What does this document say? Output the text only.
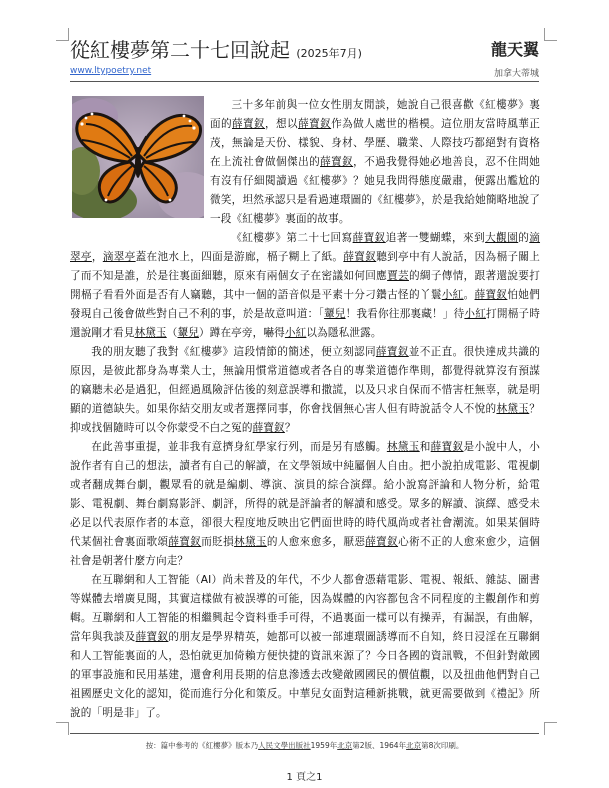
從紅樓夢第二十七回說起 (2025年7月)	龍天翼
www.ltypoetry.net	加拿大蒂城

三十多年前與一位女性朋友閒談，她說自己很喜歡《紅樓夢》裏面的薛寶釵，想以薛寶釵作為做人處世的楷模。這位朋友當時風華正茂，無論是天份、樣貌、身材、學歷、職業、人際技巧都絕對有資格在上流社會做個傑出的薛寶釵，不過我覺得她必地善良，忍不住問她有沒有仔細閱讀過《紅樓夢》？她見我問得態度嚴肅，便露出尷尬的微笑，坦然承認只是看過連環圖的《紅樓夢》，於是我給她簡略地說了一段《紅樓夢》裏面的故事。

《紅樓夢》第二十七回寫薛寶釵追著一雙蝴蝶，來到大觀園的滴翠亭，滴翠亭蓋在池水上，四面是游廊，槅子糊上了紙。薛寶釵聽到亭中有人說話，因為槅子關上了而不知是誰，於是往裏面細聽，原來有兩個女子在密議如何回應賈芸的綢子傳情，跟著還說要打開槅子看看外面是否有人竊聽，其中一個的語音似是平素十分刁鑽古怪的丫鬟小紅。薛寶釵怕她們發現自己後會做些對自己不利的事，於是故意叫道：「顰兒！我看你往那裏藏！」待小紅打開槅子時還說剛才看見林黛玉（顰兒）蹲在亭旁，嚇得小紅以為隱私泄露。

我的朋友聽了我對《紅樓夢》這段情節的簡述，便立刻認同薛寶釵並不正直。很快達成共識的原因，是彼此都身為專業人士，無論用慣常道德或者各自的專業道德作準則，都覺得就算沒有預謀的竊聽未必是過犯，但經過風險評估後的刻意誤導和撒謊，以及只求自保而不惜害枉無辜，就是明顯的道德缺失。如果你結交朋友或者選擇同事，你會找個無心害人但有時說話令人不悅的林黛玉？抑或找個隨時可以令你蒙受不白之冤的薛寶釵？

在此善事重提，並非我有意擠身紅學家行列，而是另有感觸。林黛玉和薛寶釵是小說中人，小說作者有自己的想法，讀者有自己的解讀，在文學領域中純屬個人自由。把小說拍成電影、電視劇或者翻成舞台劇，觀眾看的就是編劇、導演、演員的綜合演繹。給小說寫評論和人物分析，給電影、電視劇、舞台劇寫影評、劇評，所得的就是評論者的解讀和感受。眾多的解讀、演繹、感受未必足以代表原作者的本意，卻很大程度地反映出它們面世時的時代風尚或者社會潮流。如果某個時代某個社會裏面歌頌薛寶釵而貶損林黛玉的人愈來愈多，厭惡薛寶釵心術不正的人愈來愈少，這個社會是朝著什麼方向走？

在互聯網和人工智能（AI）尚未普及的年代，不少人都會憑藉電影、電視、報紙、雜誌、圖書等媒體去增廣見聞，其實這樣做有被誤導的可能，因為媒體的內容都包含不同程度的主觀創作和剪輯。互聯網和人工智能的相繼興起令資料垂手可得，不過裏面一樣可以有操弄，有漏誤，有曲解，當年與我談及薛寶釵的朋友是學界精英，她都可以被一部連環圖誘導而不自知，終日浸淫在互聯網和人工智能裏面的人，恐怕就更加倚賴方便快捷的資訊來源了？今日各國的資訊戰，不但針對敵國的軍事設施和民用基建，還會利用長期的信息滲透去改變敵國國民的價值觀，以及扭曲他們對自己祖國歷史文化的認知，從而進行分化和策反。中華兒女面對這種新挑戰，就更需要做到《禮記》所說的「明是非」了。

按：篇中參考的《紅樓夢》版本乃人民文學出版社1959年北京第2版、1964年北京第8次印刷。
1 頁之1
